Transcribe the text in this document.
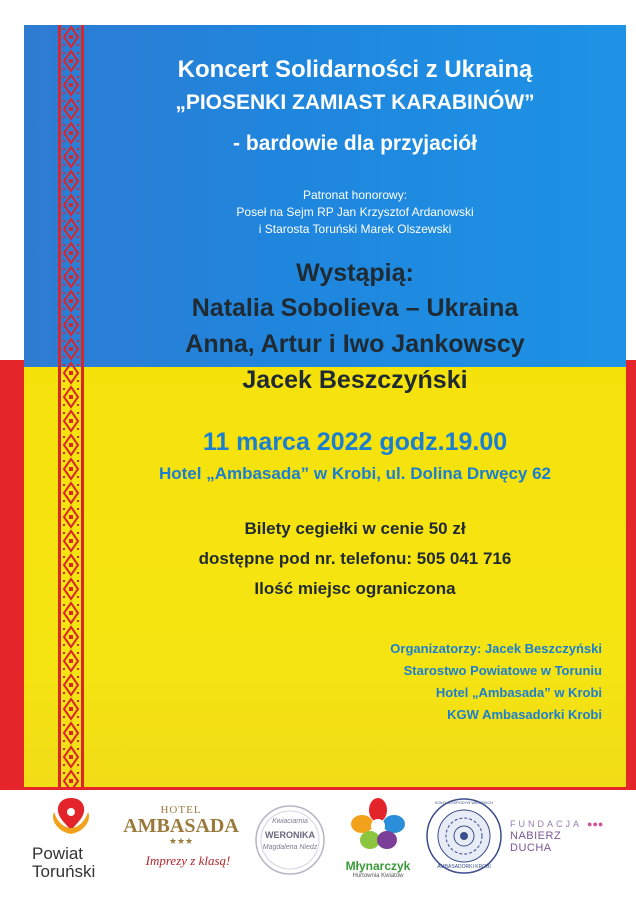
Koncert Solidarności z Ukrainą
„PIOSENKI ZAMIAST KARABINÓW”
- bardowie dla przyjaciół
Patronat honorowy:
Poseł na Sejm RP Jan Krzysztof Ardanowski
i Starosta Toruński Marek Olszewski
Wystąpią:
Natalia Sobolieva – Ukraina
Anna, Artur i Iwo Jankowscy
Jacek Beszczyński
11 marca 2022 godz.19.00
Hotel „Ambasada” w Krobi, ul. Dolina Drwęcy 62
Bilety cegiełki w cenie 50 zł
dostępne pod nr. telefonu: 505 041 716
Ilość miejsc ograniczona
Organizatorzy: Jacek Beszczyński
Starostwo Powiatowe w Toruniu
Hotel „Ambasada” w Krobi
KGW Ambasadorki Krobi
Powiat
Toruński
HOTEL
AMBASADA
★★★
Imprezy z klasą!
Kwiaciarnia
WERONIKA
Magdalena Niedz
Młynarczyk
Hurtownia Kwiatów
KOŁO GOSPODYŃ WIEJSKICH
AMBASADORKI KROBI
FUNDACJA ●●●
NABIERZ DUCHA
